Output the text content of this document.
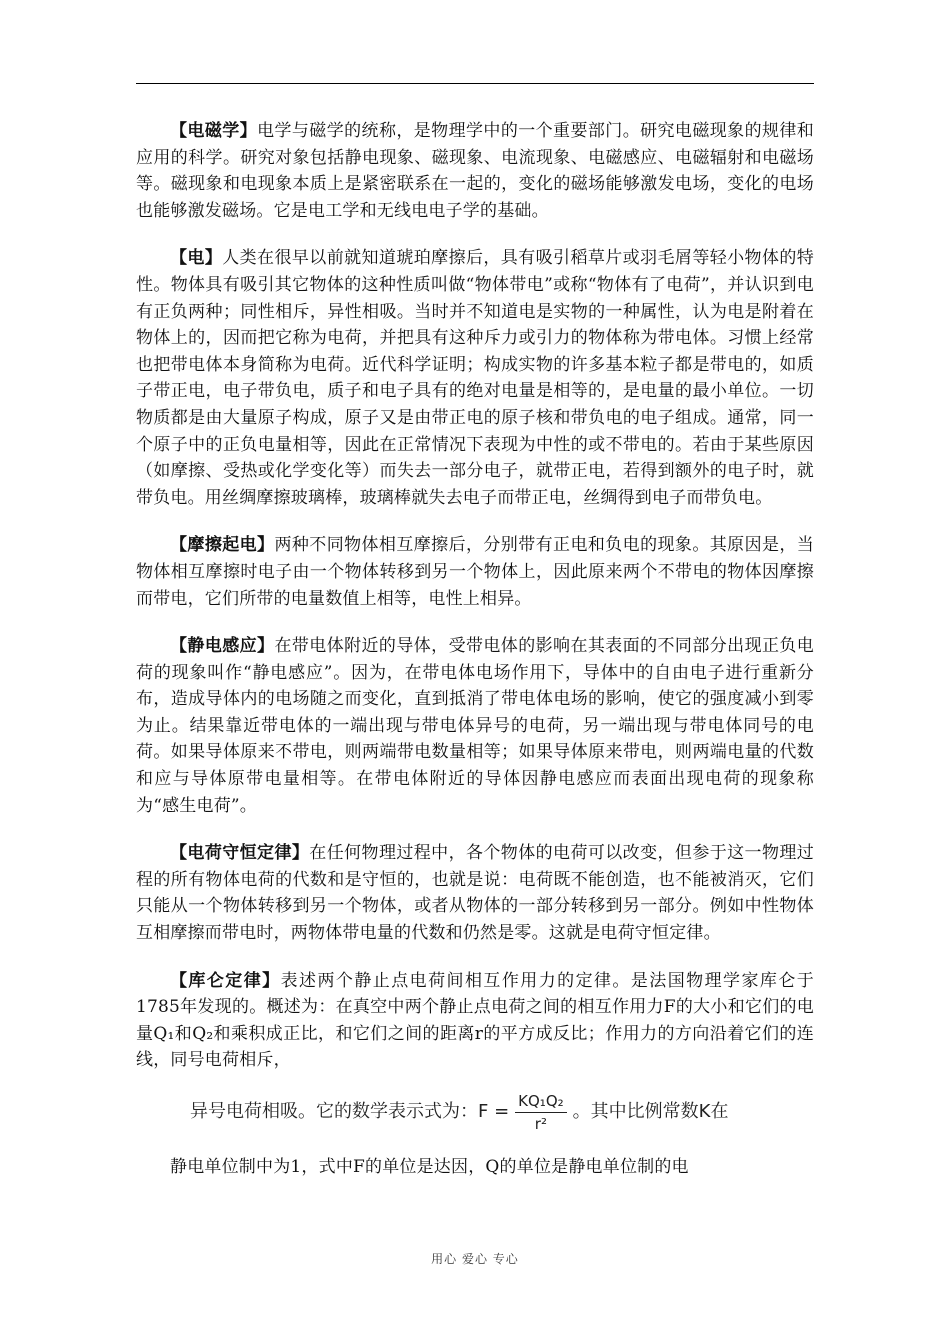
【电磁学】电学与磁学的统称，是物理学中的一个重要部门。研究电磁现象的规律和应用的科学。研究对象包括静电现象、磁现象、电流现象、电磁感应、电磁辐射和电磁场等。磁现象和电现象本质上是紧密联系在一起的，变化的磁场能够激发电场，变化的电场也能够激发磁场。它是电工学和无线电电子学的基础。

【电】人类在很早以前就知道琥珀摩擦后，具有吸引稻草片或羽毛屑等轻小物体的特性。物体具有吸引其它物体的这种性质叫做“物体带电”或称“物体有了电荷”，并认识到电有正负两种；同性相斥，异性相吸。当时并不知道电是实物的一种属性，认为电是附着在物体上的，因而把它称为电荷，并把具有这种斥力或引力的物体称为带电体。习惯上经常也把带电体本身简称为电荷。近代科学证明；构成实物的许多基本粒子都是带电的，如质子带正电，电子带负电，质子和电子具有的绝对电量是相等的，是电量的最小单位。一切物质都是由大量原子构成，原子又是由带正电的原子核和带负电的电子组成。通常，同一个原子中的正负电量相等，因此在正常情况下表现为中性的或不带电的。若由于某些原因（如摩擦、受热或化学变化等）而失去一部分电子，就带正电，若得到额外的电子时，就带负电。用丝绸摩擦玻璃棒，玻璃棒就失去电子而带正电，丝绸得到电子而带负电。

【摩擦起电】两种不同物体相互摩擦后，分别带有正电和负电的现象。其原因是，当物体相互摩擦时电子由一个物体转移到另一个物体上，因此原来两个不带电的物体因摩擦而带电，它们所带的电量数值上相等，电性上相异。

【静电感应】在带电体附近的导体，受带电体的影响在其表面的不同部分出现正负电荷的现象叫作“静电感应”。因为，在带电体电场作用下，导体中的自由电子进行重新分布，造成导体内的电场随之而变化，直到抵消了带电体电场的影响，使它的强度减小到零为止。结果靠近带电体的一端出现与带电体异号的电荷，另一端出现与带电体同号的电荷。如果导体原来不带电，则两端带电数量相等；如果导体原来带电，则两端电量的代数和应与导体原带电量相等。在带电体附近的导体因静电感应而表面出现电荷的现象称为“感生电荷”。

【电荷守恒定律】在任何物理过程中，各个物体的电荷可以改变，但参于这一物理过程的所有物体电荷的代数和是守恒的，也就是说：电荷既不能创造，也不能被消灭，它们只能从一个物体转移到另一个物体，或者从物体的一部分转移到另一部分。例如中性物体互相摩擦而带电时，两物体带电量的代数和仍然是零。这就是电荷守恒定律。

【库仑定律】表述两个静止点电荷间相互作用力的定律。是法国物理学家库仑于1785年发现的。概述为：在真空中两个静止点电荷之间的相互作用力F的大小和它们的电量Q₁和Q₂和乘积成正比，和它们之间的距离r的平方成反比；作用力的方向沿着它们的连线，同号电荷相斥，

异号电荷相吸。它的数学表示式为：$F = \frac{\text{KQ₁Q₂}}{\text{r²}}$ 。其中比例常数K在

静电单位制中为1，式中F的单位是达因，Q的单位是静电单位制的电

用心 爱心 专心
